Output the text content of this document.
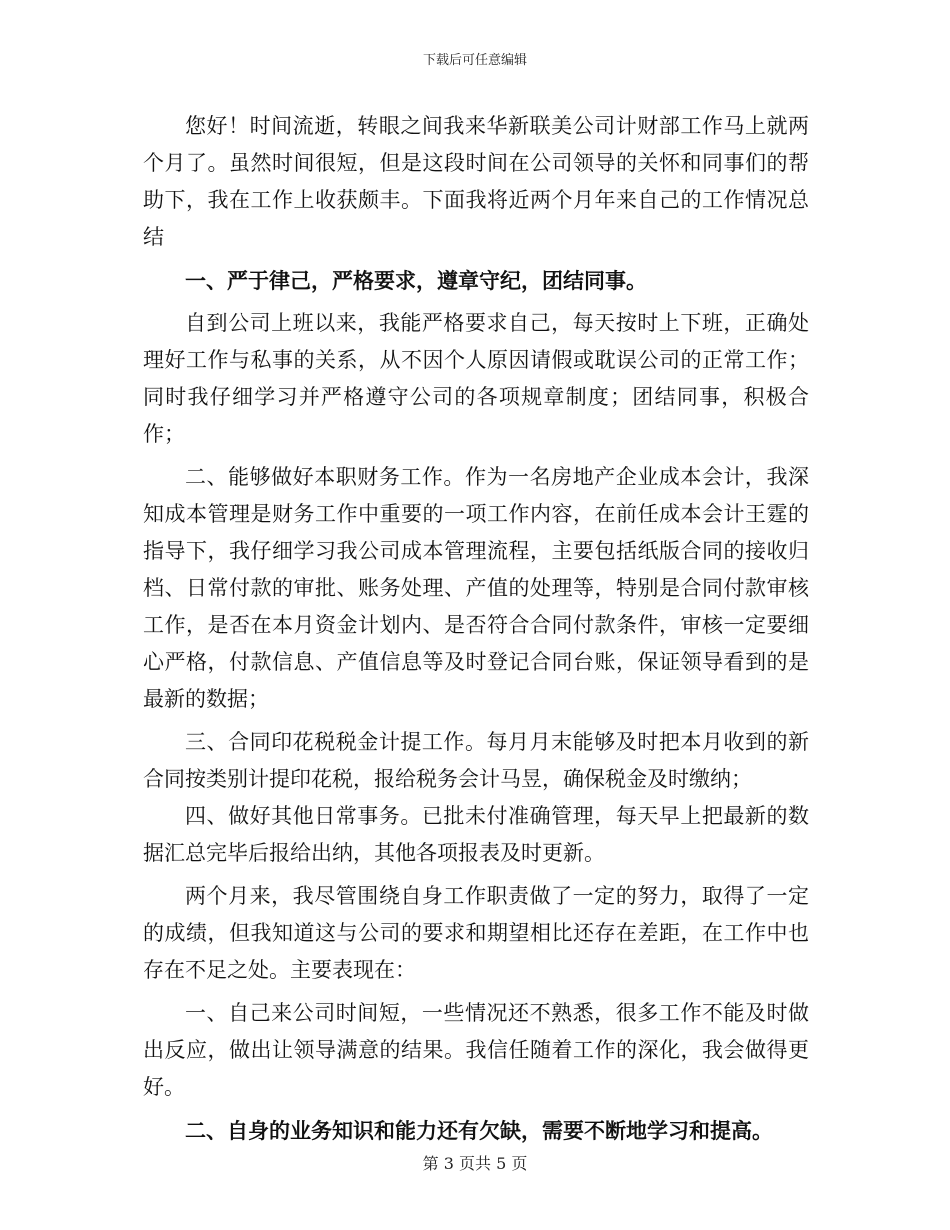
下载后可任意编辑

您好！时间流逝，转眼之间我来华新联美公司计财部工作马上就两个月了。虽然时间很短，但是这段时间在公司领导的关怀和同事们的帮助下，我在工作上收获颇丰。下面我将近两个月年来自己的工作情况总结

一、严于律己，严格要求，遵章守纪，团结同事。

自到公司上班以来，我能严格要求自己，每天按时上下班，正确处理好工作与私事的关系，从不因个人原因请假或耽误公司的正常工作；同时我仔细学习并严格遵守公司的各项规章制度；团结同事，积极合作；

二、能够做好本职财务工作。作为一名房地产企业成本会计，我深知成本管理是财务工作中重要的一项工作内容，在前任成本会计王霆的指导下，我仔细学习我公司成本管理流程，主要包括纸版合同的接收归档、日常付款的审批、账务处理、产值的处理等，特别是合同付款审核工作，是否在本月资金计划内、是否符合合同付款条件，审核一定要细心严格，付款信息、产值信息等及时登记合同台账，保证领导看到的是最新的数据；

三、合同印花税税金计提工作。每月月末能够及时把本月收到的新合同按类别计提印花税，报给税务会计马昱，确保税金及时缴纳；

四、做好其他日常事务。已批未付准确管理，每天早上把最新的数据汇总完毕后报给出纳，其他各项报表及时更新。

两个月来，我尽管围绕自身工作职责做了一定的努力，取得了一定的成绩，但我知道这与公司的要求和期望相比还存在差距，在工作中也存在不足之处。主要表现在：

一、自己来公司时间短，一些情况还不熟悉，很多工作不能及时做出反应，做出让领导满意的结果。我信任随着工作的深化，我会做得更好。

二、自身的业务知识和能力还有欠缺，需要不断地学习和提高。

第 3 页共 5 页
